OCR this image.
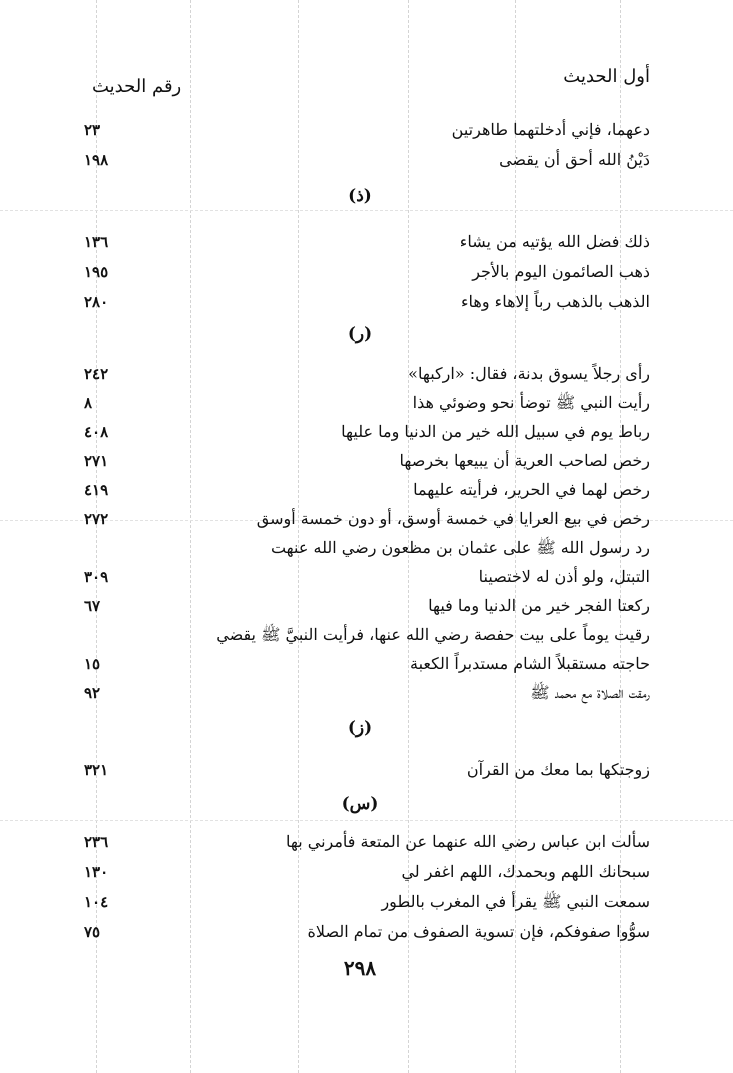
أول الحديث
رقم الحديث
دعهما، فإني أدخلتهما طاهرتين
٢٣
دَيْنُ الله أحق أن يقضى
١٩٨
(ذ)
ذلك فضل الله يؤتيه من يشاء
١٣٦
ذهب الصائمون اليوم بالأجر
١٩٥
الذهب بالذهب رباً إلاهاء وهاء
٢٨٠
(ر)
رأى رجلاً يسوق بدنة، فقال: «اركبها»
٢٤٢
رأيت النبي ﷺ توضأ نحو وضوئي هذا
٨
رباط يوم في سبيل الله خير من الدنيا وما عليها
٤٠٨
رخص لصاحب العرية أن يبيعها بخرصها
٢٧١
رخص لهما في الحرير، فرأيته عليهما
٤١٩
رخص في بيع العرايا في خمسة أوسق، أو دون خمسة أوسق
٢٧٢
رد رسول الله ﷺ على عثمان بن مظعون رضي الله عنهت
التبتل، ولو أذن له لاختصينا
٣٠٩
ركعتا الفجر خير من الدنيا وما فيها
٦٧
رقيت يوماً على بيت حفصة رضي الله عنها، فرأيت النبيَّ ﷺ يقضي
حاجته مستقبلاً الشام مستدبراً الكعبة
١٥
رمقت الصلاة مع محمد ﷺ
٩٢
(ز)
زوجتكها بما معك من القرآن
٣٢١
(س)
سألت ابن عباس رضي الله عنهما عن المتعة فأمرني بها
٢٣٦
سبحانك اللهم وبحمدك، اللهم اغفر لي
١٣٠
سمعت النبي ﷺ يقرأ في المغرب بالطور
١٠٤
سوُّوا صفوفكم، فإن تسوية الصفوف من تمام الصلاة
٧٥
٢٩٨
